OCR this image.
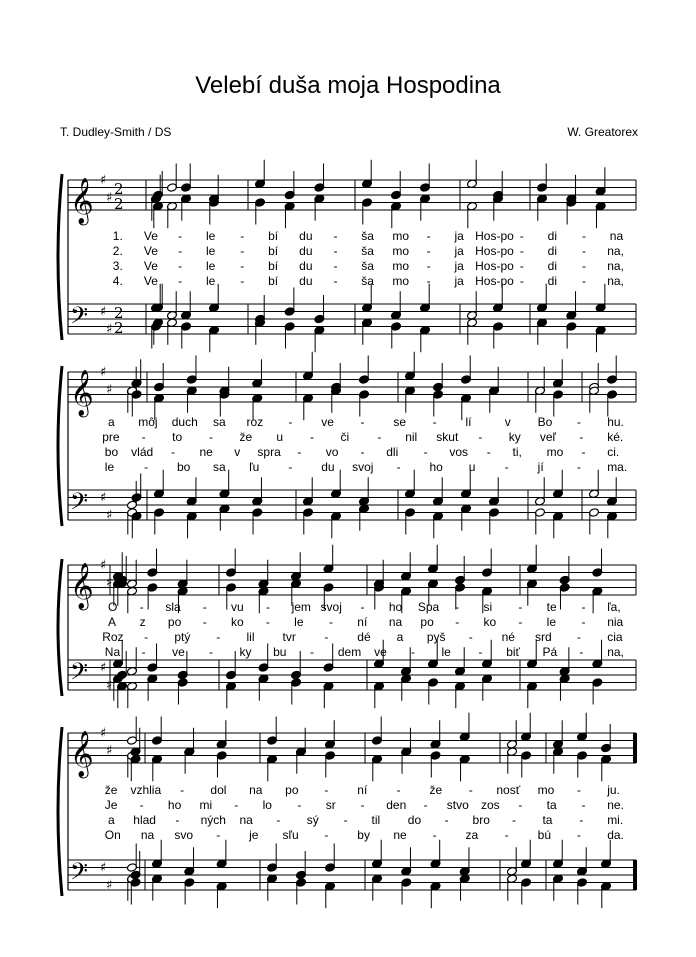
Velebí duša moja Hospodina
T. Dudley-Smith / DS	W. Greatorex
𝄞
𝄢
♯
♯
♯
♯
2
2
2
2
𝄞
𝄢
♯
♯
♯
♯
𝄞
𝄢
♯
♯
♯
♯
𝄞
𝄢
♯
♯
♯
♯
1. Ve - le - bí du - ša mo - ja Hos-po - di - na
2. Ve - le - bí du - ša mo - ja Hos-po - di - na,
3. Ve - le - bí du - ša mo - ja Hos-po - di - na,
4. Ve - le - bí du - ša mo - ja Hos-po - di - na,
a môj duch sa roz - ve - se - lí	v Bo - hu.
pre - to - že u - či - nil skut - ky veľ - ké.
bo vlád - ne v spra - vo - dli - vos - ti, mo - ci.
le - bo sa ľu - du svoj - ho u - jí	- ma.
O - sla - vu - jem svoj - ho Spa - si - te - ľa,
A z po - ko - le - ní na po - ko - le - nia
Roz - ptý - lil tvr - dé a pyš - né srd - cia
Na - ve - ky bu - dem ve - le - biť Pá - na,
že vzhlia - dol na po - ní - že - nosť mo - ju.
Je - ho mi - lo - sr - den - stvo zos - ta - ne.
a hlad - ných na - sý - til do - bro - ta - mi.
On na svo - je sľu - by ne - za - bú - da.
